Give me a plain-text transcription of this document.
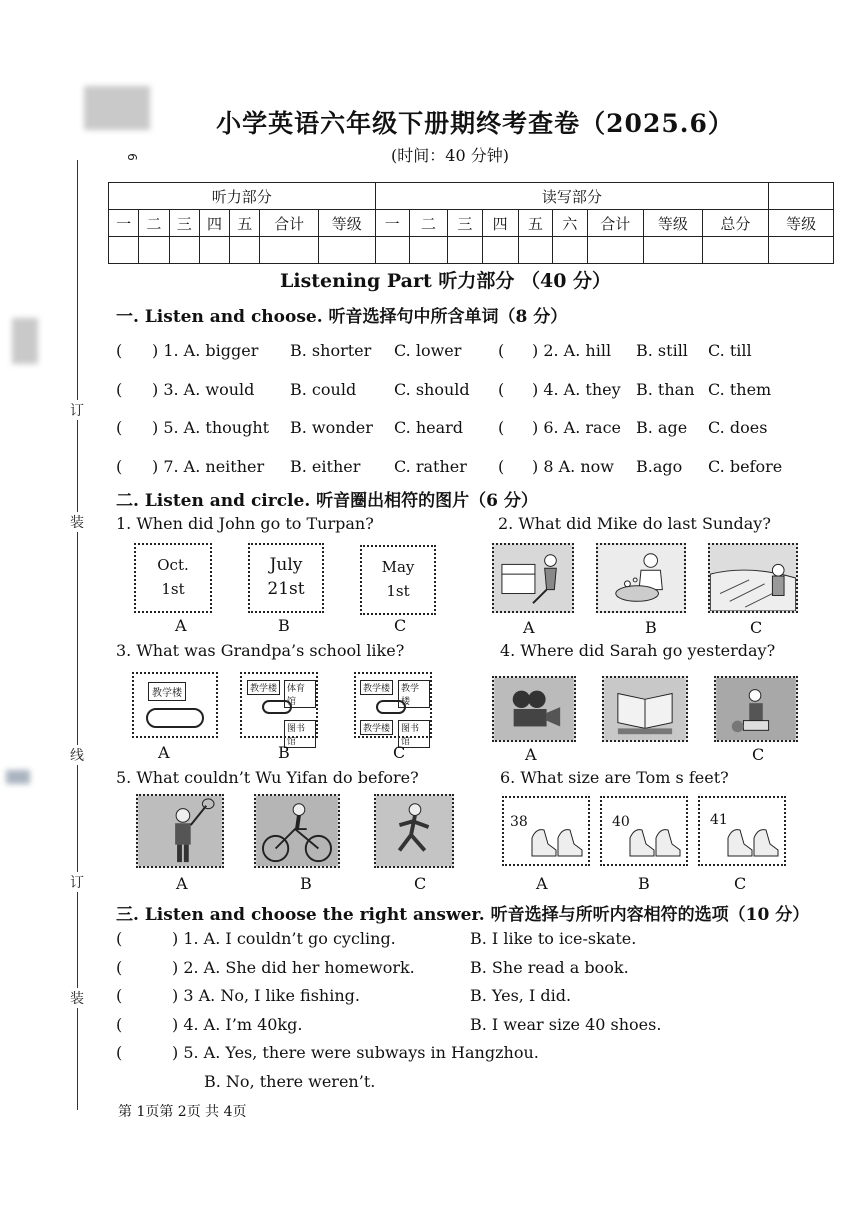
6
订
装
线
订
装
小学英语六年级下册期终考查卷（2025.6）
(时间：40 分钟)
听力部分							读写部分									
一	二	三	四	五	合计	等级	一	二	三	四	五	六	合计	等级	总分	等级

Listening Part 听力部分 （40 分）
一. Listen and choose. 听音选择句中所含单词（8 分）
( ) 1. A. bigger B. shorter C. lower ( ) 2. A. hill B. still C. till
( ) 3. A. would B. could C. should ( ) 4. A. they B. than C. them
( ) 5. A. thought B. wonder C. heard ( ) 6. A. race B. age C. does
( ) 7. A. neither B. either C. rather ( ) 8 A. now B.ago C. before
二. Listen and circle. 听音圈出相符的图片（6 分）
1. When did John go to Turpan?	2. What did Mike do last Sunday?
Oct.
1st
July
21st
May
1st
A	B	C	A	B	C
3. What was Grandpa’s school like?	4. Where did Sarah go yesterday?
教学楼	教学楼	体育馆
图书馆
教学楼	教学楼
教学楼	图书馆
A	B	C	A	C
5. What couldn’t Wu Yifan do before?	6. What size are Tom s feet?
A	B	C
38	40	41
A	B	C
三. Listen and choose the right answer. 听音选择与所听内容相符的选项（10 分）
(	) 1. A. I couldn’t go cycling.	B. I like to ice-skate.
(	) 2. A. She did her homework.	B. She read a book.
(	) 3 A. No, I like fishing.	B. Yes, I did.
(	) 4. A. I’m 40kg.	B. I wear size 40 shoes.
(	) 5. A. Yes, there were subways in Hangzhou.
B. No, there weren’t.
第 1页第 2页 共 4页
